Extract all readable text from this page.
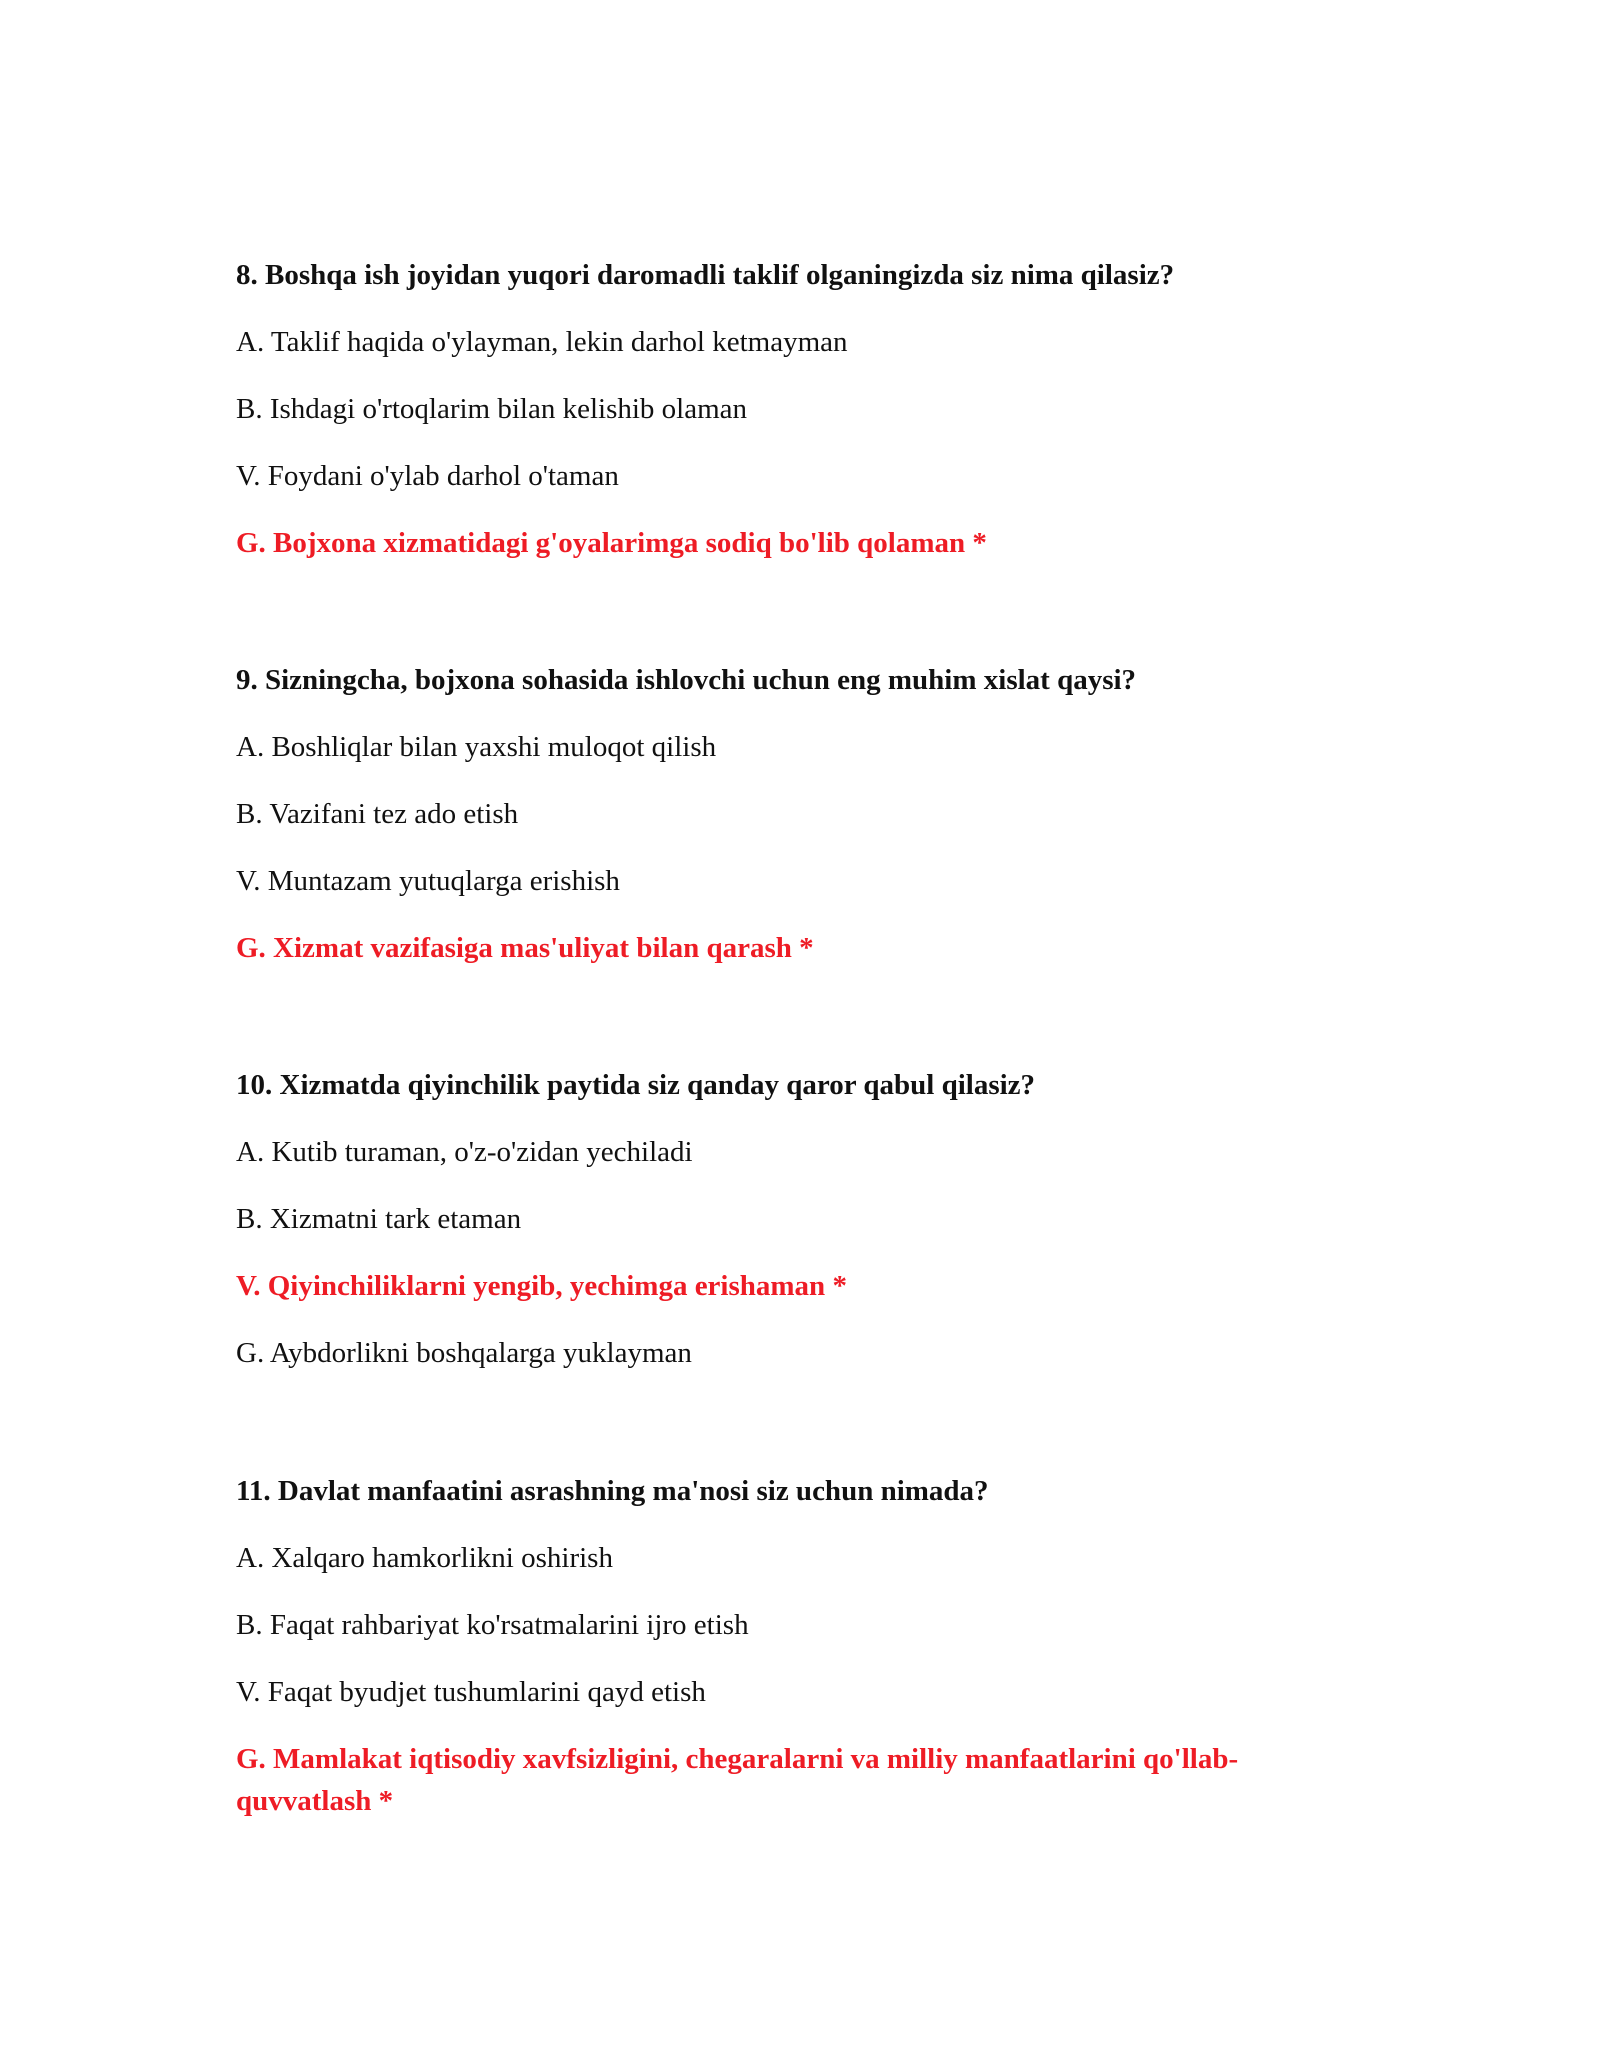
8. Boshqa ish joyidan yuqori daromadli taklif olganingizda siz nima qilasiz?
A. Taklif haqida o'ylayman, lekin darhol ketmayman
B. Ishdagi o'rtoqlarim bilan kelishib olaman
V. Foydani o'ylab darhol o'taman
G. Bojxona xizmatidagi g'oyalarimga sodiq bo'lib qolaman *
9. Sizningcha, bojxona sohasida ishlovchi uchun eng muhim xislat qaysi?
A. Boshliqlar bilan yaxshi muloqot qilish
B. Vazifani tez ado etish
V. Muntazam yutuqlarga erishish
G. Xizmat vazifasiga mas'uliyat bilan qarash *
10. Xizmatda qiyinchilik paytida siz qanday qaror qabul qilasiz?
A. Kutib turaman, o'z-o'zidan yechiladi
B. Xizmatni tark etaman
V. Qiyinchiliklarni yengib, yechimga erishaman *
G. Aybdorlikni boshqalarga yuklayman
11. Davlat manfaatini asrashning ma'nosi siz uchun nimada?
A. Xalqaro hamkorlikni oshirish
B. Faqat rahbariyat ko'rsatmalarini ijro etish
V. Faqat byudjet tushumlarini qayd etish
G. Mamlakat iqtisodiy xavfsizligini, chegaralarni va milliy manfaatlarini qo'llab-quvvatlash *
